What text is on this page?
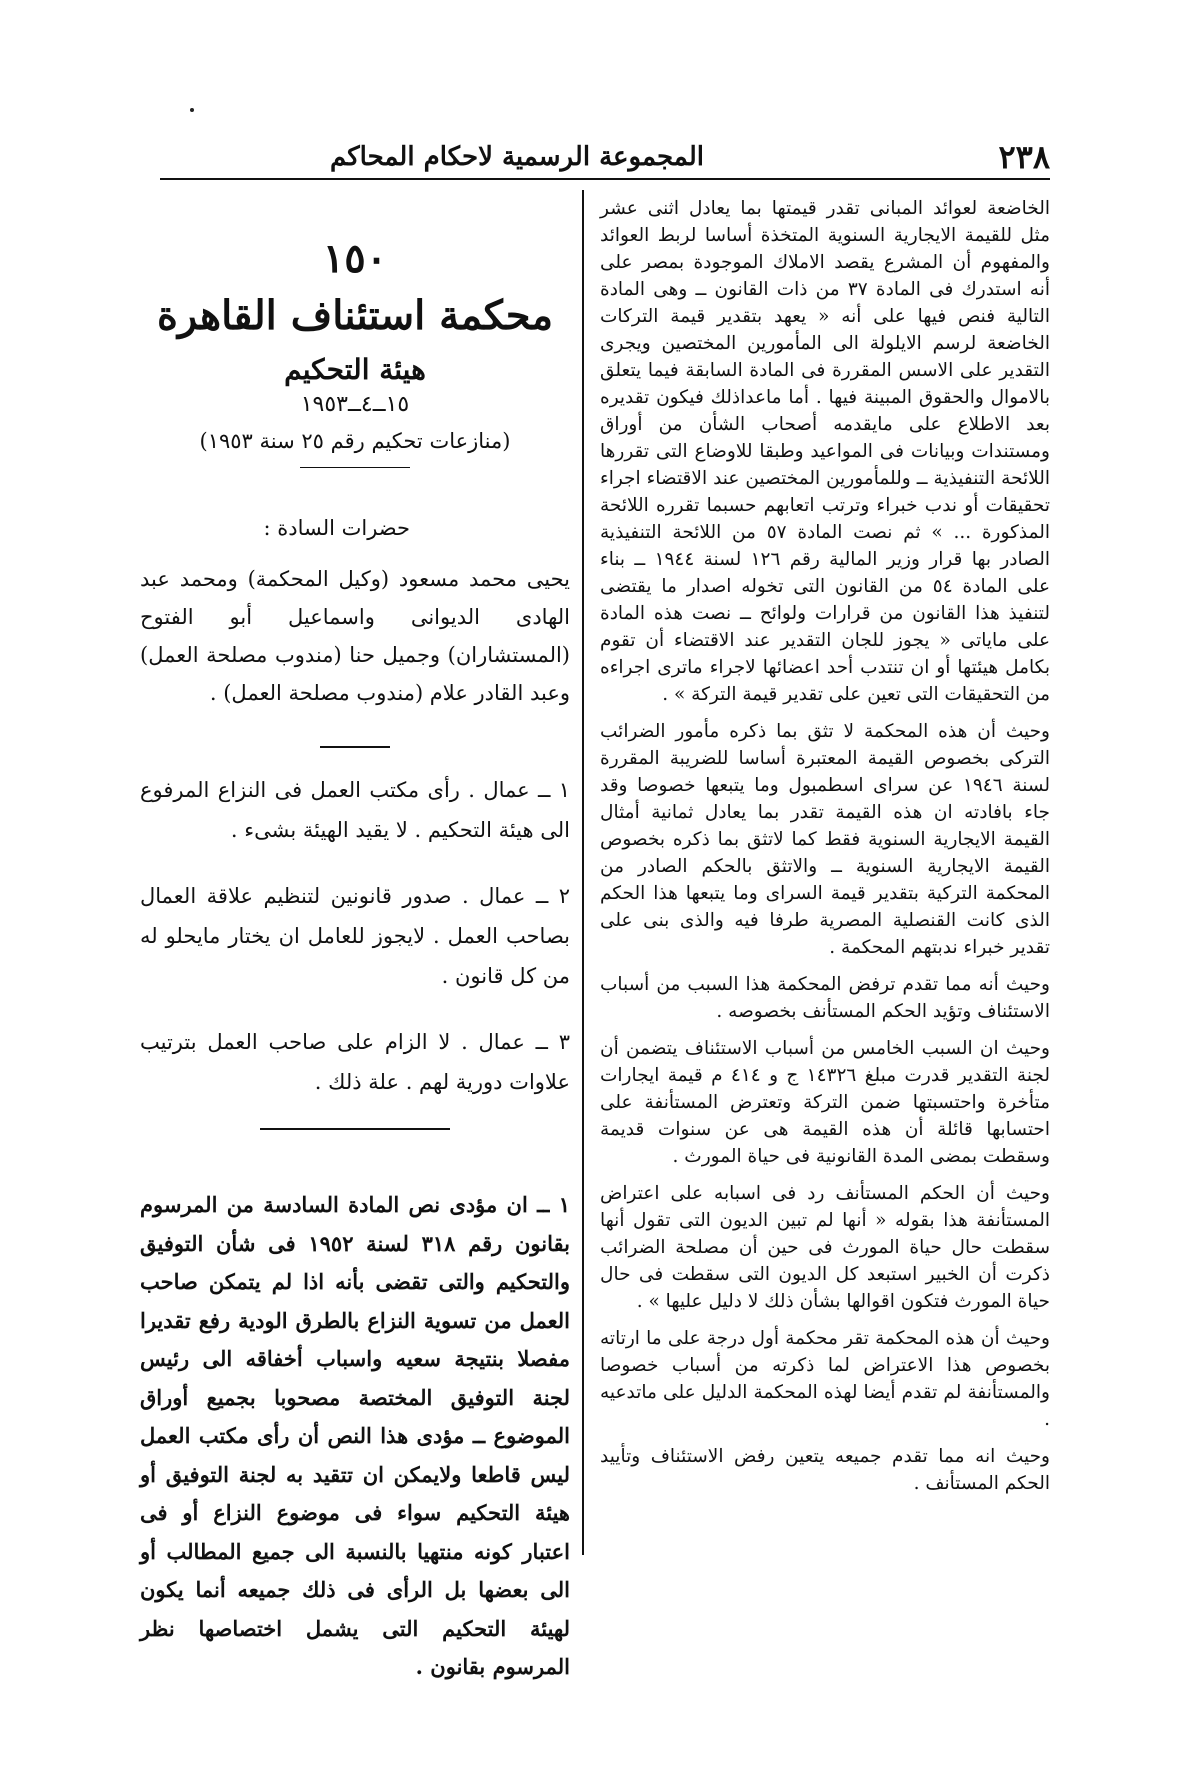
٢٣٨
المجموعة الرسمية لاحكام المحاكم

الخاضعة لعوائد المبانى تقدر قيمتها بما يعادل اثنى عشر مثل للقيمة الايجارية السنوية المتخذة أساسا لربط العوائد والمفهوم أن المشرع يقصد الاملاك الموجودة بمصر على أنه استدرك فى المادة ٣٧ من ذات القانون ــ وهى المادة التالية فنص فيها على أنه « يعهد بتقدير قيمة التركات الخاضعة لرسم الايلولة الى المأمورين المختصين ويجرى التقدير على الاسس المقررة فى المادة السابقة فيما يتعلق بالاموال والحقوق المبينة فيها . أما ماعداذلك فيكون تقديره بعد الاطلاع على مايقدمه أصحاب الشأن من أوراق ومستندات وبيانات فى المواعيد وطبقا للاوضاع التى تقررها اللائحة التنفيذية ــ وللمأمورين المختصين عند الاقتضاء اجراء تحقيقات أو ندب خبراء وترتب اتعابهم حسبما تقرره اللائحة المذكورة ... » ثم نصت المادة ٥٧ من اللائحة التنفيذية الصادر بها قرار وزير المالية رقم ١٢٦ لسنة ١٩٤٤ ــ بناء على المادة ٥٤ من القانون التى تخوله اصدار ما يقتضى لتنفيذ هذا القانون من قرارات ولوائح ــ نصت هذه المادة على ماياتى « يجوز للجان التقدير عند الاقتضاء أن تقوم بكامل هيئتها أو ان تنتدب أحد اعضائها لاجراء ماترى اجراءه من التحقيقات التى تعين على تقدير قيمة التركة » .

وحيث أن هذه المحكمة لا تثق بما ذكره مأمور الضرائب التركى بخصوص القيمة المعتبرة أساسا للضريبة المقررة لسنة ١٩٤٦ عن سراى اسطمبول وما يتبعها خصوصا وقد جاء بافادته ان هذه القيمة تقدر بما يعادل ثمانية أمثال القيمة الايجارية السنوية فقط كما لاتثق بما ذكره بخصوص القيمة الايجارية السنوية ــ والاتثق بالحكم الصادر من المحكمة التركية بتقدير قيمة السراى وما يتبعها هذا الحكم الذى كانت القنصلية المصرية طرفا فيه والذى بنى على تقدير خبراء ندبتهم المحكمة .

وحيث أنه مما تقدم ترفض المحكمة هذا السبب من أسباب الاستئناف وتؤيد الحكم المستأنف بخصوصه .

وحيث ان السبب الخامس من أسباب الاستئناف يتضمن أن لجنة التقدير قدرت مبلغ ١٤٣٢٦ ج و ٤١٤ م قيمة ايجارات متأخرة واحتسبتها ضمن التركة وتعترض المستأنفة على احتسابها قائلة أن هذه القيمة هى عن سنوات قديمة وسقطت بمضى المدة القانونية فى حياة المورث .

وحيث أن الحكم المستأنف رد فى اسبابه على اعتراض المستأنفة هذا بقوله « أنها لم تبين الديون التى تقول أنها سقطت حال حياة المورث فى حين أن مصلحة الضرائب ذكرت أن الخبير استبعد كل الديون التى سقطت فى حال حياة المورث فتكون اقوالها بشأن ذلك لا دليل عليها » .

وحيث أن هذه المحكمة تقر محكمة أول درجة على ما ارتاته بخصوص هذا الاعتراض لما ذكرته من أسباب خصوصا والمستأنفة لم تقدم أيضا لهذه المحكمة الدليل على ماتدعيه .

وحيث انه مما تقدم جميعه يتعين رفض الاستئناف وتأييد الحكم المستأنف .

١٥٠
محكمة استئناف القاهرة
هيئة التحكيم
١٥ــ٤ــ١٩٥٣
(منازعات تحكيم رقم ٢٥ سنة ١٩٥٣)
حضرات السادة :
يحيى محمد مسعود (وكيل المحكمة) ومحمد عبد الهادى الديوانى واسماعيل أبو الفتوح (المستشاران) وجميل حنا (مندوب مصلحة العمل) وعبد القادر علام (مندوب مصلحة العمل) .
١ ــ عمال . رأى مكتب العمل فى النزاع المرفوع الى هيئة التحكيم . لا يقيد الهيئة بشىء .
٢ ــ عمال . صدور قانونين لتنظيم علاقة العمال بصاحب العمل . لايجوز للعامل ان يختار مايحلو له من كل قانون .
٣ ــ عمال . لا الزام على صاحب العمل بترتيب علاوات دورية لهم . علة ذلك .
١ ــ ان مؤدى نص المادة السادسة من المرسوم بقانون رقم ٣١٨ لسنة ١٩٥٢ فى شأن التوفيق والتحكيم والتى تقضى بأنه اذا لم يتمكن صاحب العمل من تسوية النزاع بالطرق الودية رفع تقديرا مفصلا بنتيجة سعيه واسباب أخفاقه الى رئيس لجنة التوفيق المختصة مصحوبا بجميع أوراق الموضوع ــ مؤدى هذا النص أن رأى مكتب العمل ليس قاطعا ولايمكن ان تتقيد به لجنة التوفيق أو هيئة التحكيم سواء فى موضوع النزاع أو فى اعتبار كونه منتهيا بالنسبة الى جميع المطالب أو الى بعضها بل الرأى فى ذلك جميعه أنما يكون لهيئة التحكيم التى يشمل اختصاصها نظر المرسوم بقانون .
